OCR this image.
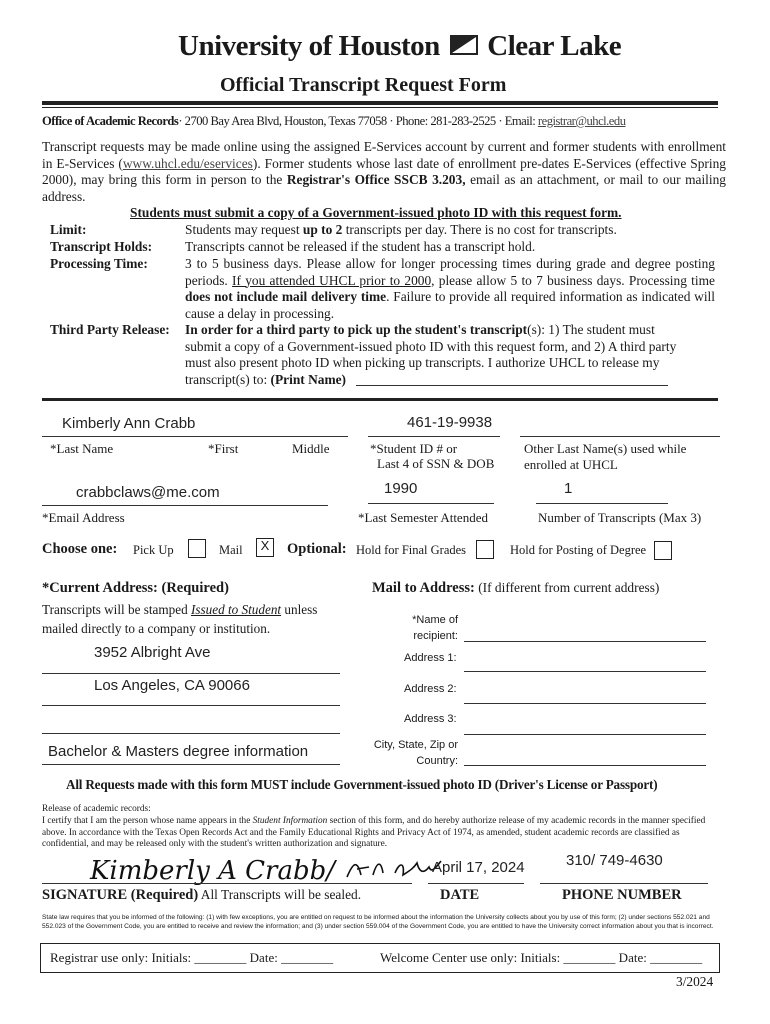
University of Houston Clear Lake
Official Transcript Request Form
Office of Academic Records· 2700 Bay Area Blvd, Houston, Texas 77058 · Phone: 281-283-2525 · Email: registrar@uhcl.edu
Transcript requests may be made online using the assigned E-Services account by current and former students with enrollment in E-Services (www.uhcl.edu/eservices). Former students whose last date of enrollment pre-dates E-Services (effective Spring 2000), may bring this form in person to the Registrar's Office SSCB 3.203, email as an attachment, or mail to our mailing address.
Students must submit a copy of a Government-issued photo ID with this request form.
Limit:	Students may request up to 2 transcripts per day. There is no cost for transcripts.
Transcript Holds: Transcripts cannot be released if the student has a transcript hold.
Processing Time:	3 to 5 business days. Please allow for longer processing times during grade and degree posting periods. If you attended UHCL prior to 2000, please allow 5 to 7 business days. Processing time does not include mail delivery time. Failure to provide all required information as indicated will cause a delay in processing.
Third Party Release: In order for a third party to pick up the student's transcript(s): 1) The student must submit a copy of a Government-issued photo ID with this request form, and 2) A third party must also present photo ID when picking up transcripts. I authorize UHCL to release my transcript(s) to: (Print Name)
Kimberly Ann Crabb	461-19-9938
*Last Name	*First	Middle	*Student ID # or
Last 4 of SSN & DOB
Other Last Name(s) used while
enrolled at UHCL
crabbclaws@me.com	1990	1
*Email Address	*Last Semester Attended	Number of Transcripts (Max 3)
Choose one: Pick Up	Mail	X	Optional: Hold for Final Grades	Hold for Posting of Degree
*Current Address: (Required)
Transcripts will be stamped Issued to Student unless mailed directly to a company or institution.
3952 Albright Ave
Los Angeles, CA 90066
Bachelor & Masters degree information
Mail to Address: (If different from current address)
*Name of
recipient:
Address 1:
Address 2:
Address 3:
City, State, Zip or
Country:
All Requests made with this form MUST include Government-issued photo ID (Driver's License or Passport)
Release of academic records:
I certify that I am the person whose name appears in the Student Information section of this form, and do hereby authorize release of my academic records in the manner specified above. In accordance with the Texas Open Records Act and the Family Educational Rights and Privacy Act of 1974, as amended, student academic records are classified as confidential, and may be released only with the student's written authorization and signature.
Kimberly A Crabb/	April 17, 2024	310/ 749-4630
SIGNATURE (Required) All Transcripts will be sealed.	DATE	PHONE NUMBER
State law requires that you be informed of the following: (1) with few exceptions, you are entitled on request to be informed about the information the University collects about you by use of this form; (2) under sections 552.021 and 552.023 of the Government Code, you are entitled to receive and review the information; and (3) under section 559.004 of the Government Code, you are entitled to have the University correct information about you that is incorrect.
Registrar use only: Initials: ________ Date: ________	Welcome Center use only: Initials: ________ Date: ________
3/2024
